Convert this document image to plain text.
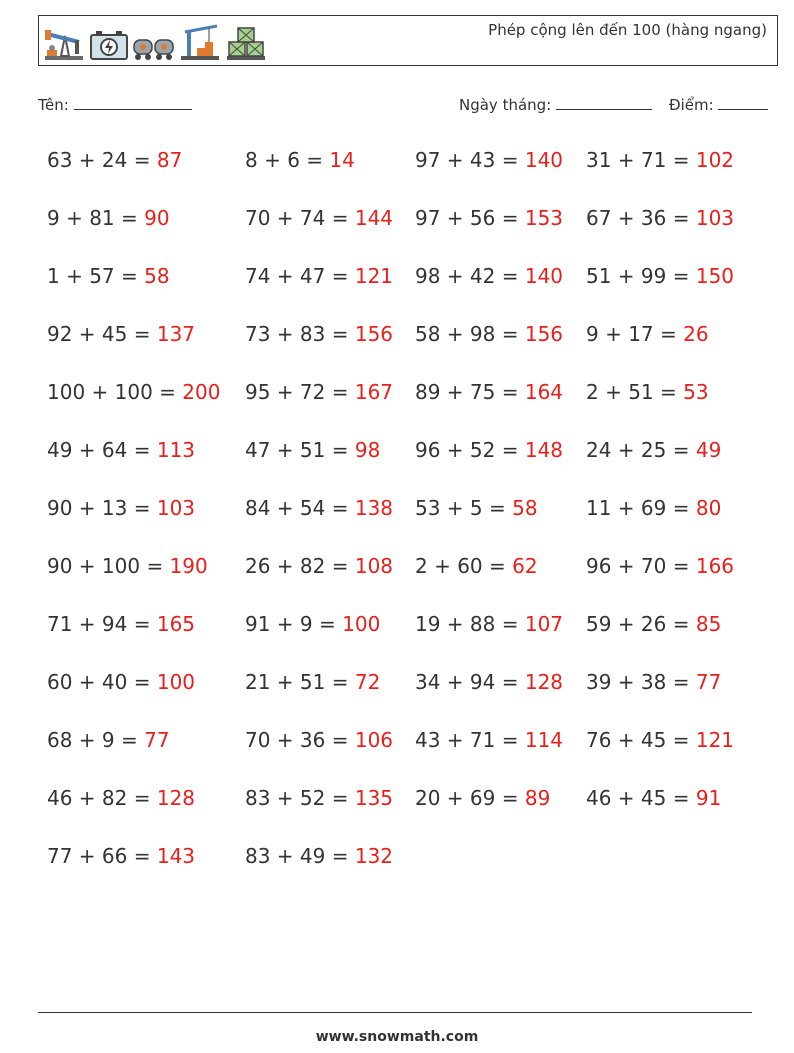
Phép cộng lên đến 100 (hàng ngang)
Tên:	Ngày tháng:	Điểm:
63 + 24 = 87	8 + 6 = 14	97 + 43 = 140 31 + 71 = 102
9 + 81 = 90	70 + 74 = 144 97 + 56 = 153 67 + 36 = 103
1 + 57 = 58	74 + 47 = 121 98 + 42 = 140 51 + 99 = 150
92 + 45 = 137 73 + 83 = 156 58 + 98 = 156 9 + 17 = 26
100 + 100 = 200 95 + 72 = 167 89 + 75 = 164 2 + 51 = 53
49 + 64 = 113 47 + 51 = 98 96 + 52 = 148 24 + 25 = 49
90 + 13 = 103 84 + 54 = 138 53 + 5 = 58 11 + 69 = 80
90 + 100 = 190 26 + 82 = 108 2 + 60 = 62 96 + 70 = 166
71 + 94 = 165 91 + 9 = 100 19 + 88 = 107 59 + 26 = 85
60 + 40 = 100 21 + 51 = 72 34 + 94 = 128 39 + 38 = 77
68 + 9 = 77	70 + 36 = 106 43 + 71 = 114 76 + 45 = 121
46 + 82 = 128 83 + 52 = 135 20 + 69 = 89 46 + 45 = 91
77 + 66 = 143 83 + 49 = 132
www.snowmath.com
